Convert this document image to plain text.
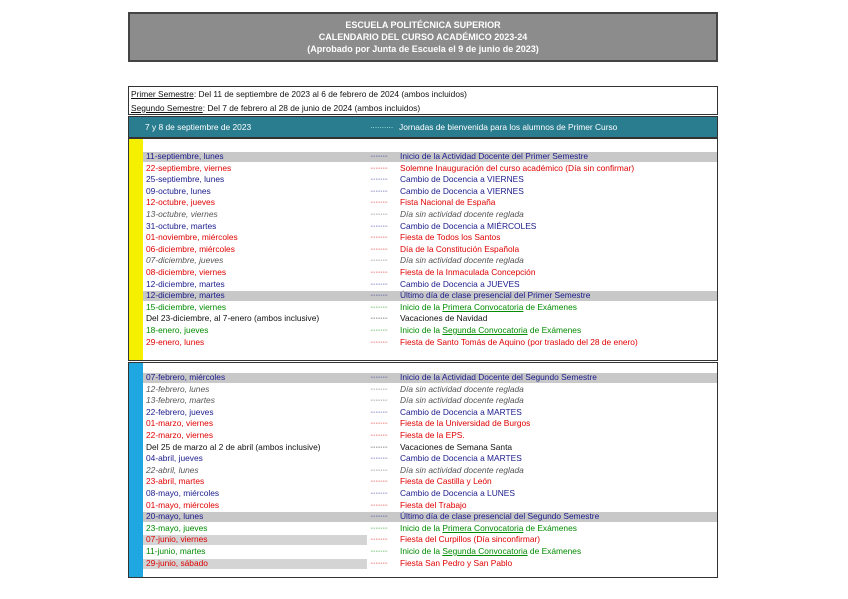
ESCUELA POLITÉCNICA SUPERIOR
CALENDARIO DEL CURSO ACADÉMICO 2023-24
(Aprobado por Junta de Escuela el 9 de junio de 2023)
Primer Semestre: Del 11 de septiembre de 2023 al 6 de febrero de 2024 (ambos incluidos)
Segundo Semestre: Del 7 de febrero al 28 de junio de 2024 (ambos incluidos)
7 y 8 de septiembre de 2023	·········· Jornadas de bienvenida para los alumnos de Primer Curso
11-septiembre, lunes	·········· Inicio de la Actividad Docente del Primer Semestre
22-septiembre, viernes	·········· Solemne Inauguración del curso académico (Día sin confirmar)
25-septiembre, lunes	·········· Cambio de Docencia a VIERNES
09-octubre, lunes	·········· Cambio de Docencia a VIERNES
12-octubre, jueves	·········· Fista Nacional de España
13-octubre, viernes	·········· Día sin actividad docente reglada
31-octubre, martes	·········· Cambio de Docencia a MIÉRCOLES
01-noviembre, miércoles	·········· Fiesta de Todos los Santos
06-diciembre, miércoles	·········· Día de la Constitución Española
07-diciembre, jueves	·········· Día sin actividad docente reglada
08-diciembre, viernes	·········· Fiesta de la Inmaculada Concepción
12-diciembre, martes	·········· Cambio de Docencia a JUEVES
12-diciembre, martes	·········· Último día de clase presencial del Primer Semestre
15-diciembre, viernes	·········· Inicio de la Primera Convocatoria de Exámenes
Del 23-diciembre, al 7-enero (ambos inclusive)	·········· Vacaciones de Navidad
18-enero, jueves	·········· Inicio de la Segunda Convocatoria de Exámenes
29-enero, lunes	·········· Fiesta de Santo Tomás de Aquino (por traslado del 28 de enero)
07-febrero, miércoles	·········· Inicio de la Actividad Docente del Segundo Semestre
12-febrero, lunes	·········· Día sin actividad docente reglada
13-febrero, martes	·········· Día sin actividad docente reglada
22-febrero, jueves	·········· Cambio de Docencia a MARTES
01-marzo, viernes	·········· Fiesta de la Universidad de Burgos
22-marzo, viernes	·········· Fiesta de la EPS.
Del 25 de marzo al 2 de abril (ambos inclusive)	·········· Vacaciones de Semana Santa
04-abril, jueves	·········· Cambio de Docencia a MARTES
22-abril, lunes	·········· Día sin actividad docente reglada
23-abril, martes	·········· Fiesta de Castilla y León
08-mayo, miércoles	·········· Cambio de Docencia a LUNES
01-mayo, miércoles	·········· Fiesta del Trabajo
20-mayo, lunes	·········· Último día de clase presencial del Segundo Semestre
23-mayo, jueves	·········· Inicio de la Primera Convocatoria de Exámenes
07-junio, viernes	·········· Fiesta del Curpillos (Día sinconfirmar)
11-junio, martes	·········· Inicio de la Segunda Convocatoria de Exámenes
29-junio, sábado	·········· Fiesta San Pedro y San Pablo
